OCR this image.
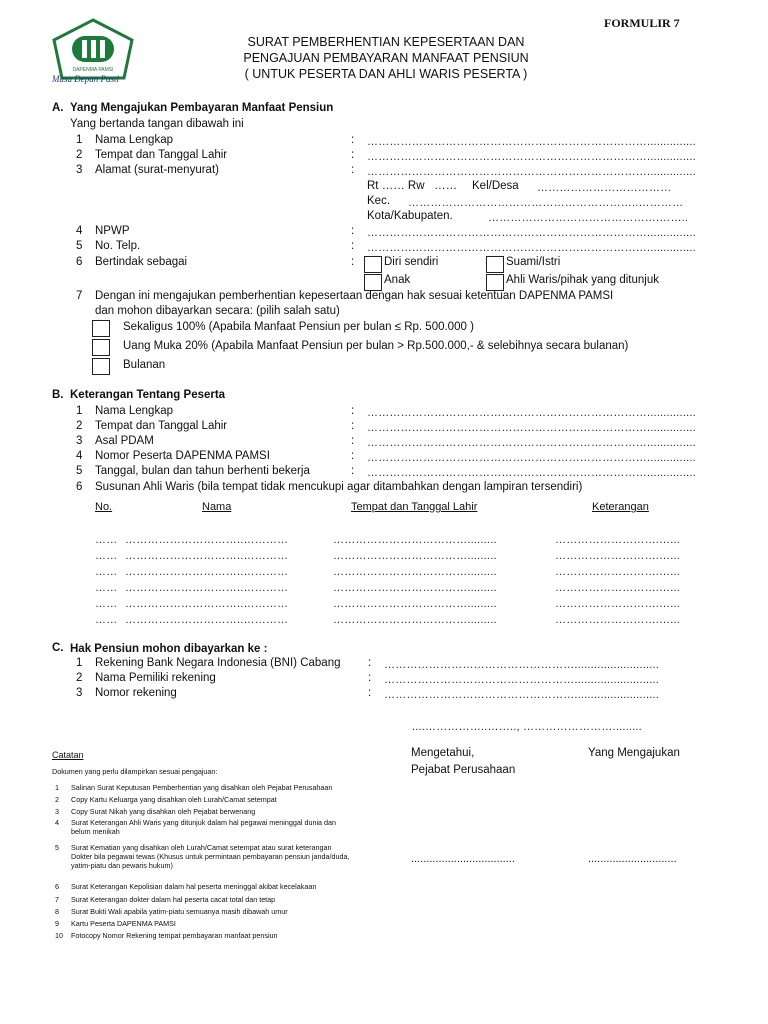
DAPENMA PAMSI
Masa Depan Pasti
FORMULIR 7
SURAT PEMBERHENTIAN KEPESERTAAN DAN
PENGAJUAN PEMBAYARAN MANFAAT PENSIUN
( UNTUK PESERTA DAN AHLI WARIS PESERTA )
A. Yang Mengajukan Pembayaran Manfaat Pensiun
Yang bertanda tangan dibawah ini
1 Nama Lengkap	: …………………………………………………………………...............
2 Tempat dan Tanggal Lahir	: …………………………………………………………………...............
3 Alamat (surat-menyurat)	: …………………………………………………………………...............
Rt …… Rw   …… Kel/Desa ………………………………
Kec. ……………………………………………………..…………
Kota/Kabupaten.	……………………………………….……..
4 NPWP	: …………………………………………………………………...............
5 No. Telp.	: …………………………………………………………………...............
6 Bertindak sebagai	:	Diri sendiri	Suami/Istri
Anak	Ahli Waris/pihak yang ditunjuk
7 Dengan ini mengajukan pemberhentian kepesertaan dengan hak sesuai ketentuan DAPENMA PAMSI
dan mohon dibayarkan secara: (pilih salah satu)
Sekaligus 100% (Apabila Manfaat Pensiun per bulan ≤ Rp. 500.000 )
Uang Muka 20% (Apabila Manfaat Pensiun per bulan > Rp.500.000,- & selebihnya secara bulanan)
Bulanan
B. Keterangan Tentang Peserta
1 Nama Lengkap	: …………………………………………………………………...............
2 Tempat dan Tanggal Lahir	: …………………………………………………………………...............
3 Asal PDAM	: …………………………………………………………………...............
4 Nomor Peserta DAPENMA PAMSI	: …………………………………………………………………...............
5 Tanggal, bulan dan tahun berhenti bekerja	: …………………………………………………………………...............
6 Susunan Ahli Waris (bila tempat tidak mencukupi agar ditambahkan dengan lampiran tersendiri)
No.	Nama	Tempat dan Tanggal Lahir	Keterangan
…… …………………………..…………	……………………………….........	……………………….…...
…… …………………………..…………	……………………………….........	……………………….…...
…… …………………………..…………	……………………………….........	……………………….…...
…… …………………………..…………	……………………………….........	……………………….…...
…… …………………………..…………	……………………………….........	……………………….…...
…… …………………………..…………	……………………………….........	……………………….…...
C. Hak Pensiun mohon dibayarkan ke :
1 Rekening Bank Negara Indonesia (BNI) Cabang : ……………………………………………..........................
2 Nama Pemiliki rekening	: ……………………………………………..........................
3 Nomor rekening	: ……………………………………………..........................
....……………..…….., …………………….........
Mengetahui,
Pejabat Perusahaan
Yang Mengajukan
..................................	.............................
Catatan
Dokumen yang perlu dilampirkan sesuai pengajuan:
1 Salinan Surat Keputusan Pemberhentian yang disahkan oleh Pejabat Perusahaan
2 Copy Kartu Keluarga yang disahkan oleh Lurah/Camat setempat
3 Copy Surat Nikah yang disahkan oleh Pejabat berwenang
4 Surat Keterangan Ahli Waris yang ditunjuk dalam hal pegawai meninggal dunia dan
belum menikah
5 Surat Kematian yang disahkan oleh Lurah/Camat setempat atau surat keterangan
Dokter bila pegawai tewas (Khusus untuk permintaan pembayaran pensiun janda/duda,
yatim-piatu dan pewaris hukum)
6 Surat Keterangan Kepolisian dalam hal peserta meninggal akibat kecelakaan
7 Surat Keterangan dokter dalam hal peserta cacat total dan tetap
8 Surat Bukti Wali apabila yatim-piatu semuanya masih dibawah umur
9 Kartu Peserta DAPENMA PAMSI
10 Fotocopy Nomor Rekening tempat pembayaran manfaat pensiun
